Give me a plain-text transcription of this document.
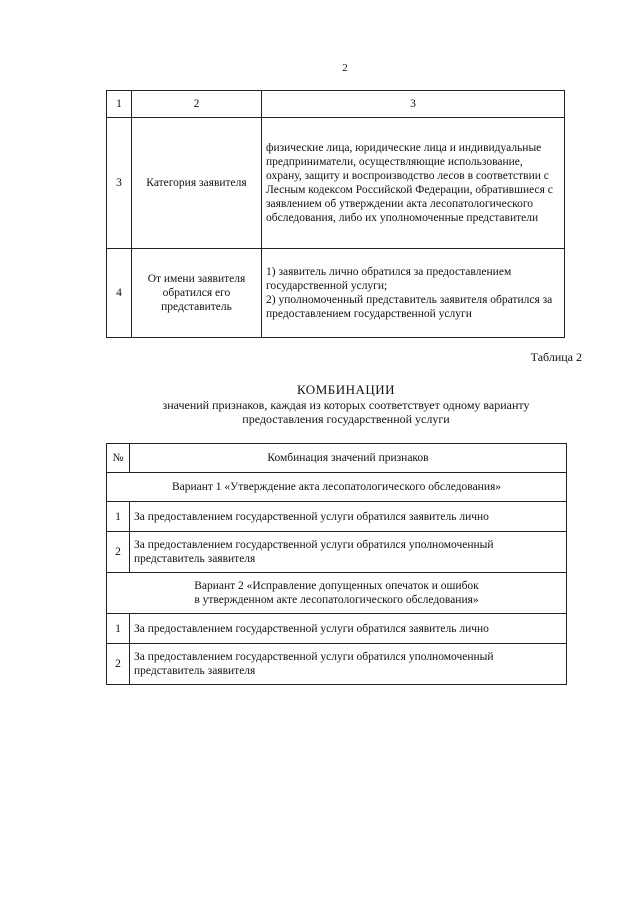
2
1	2	3
3	Категория заявителя	физические лица, юридические лица и индивидуальные предприниматели, осуществляющие использование, охрану, защиту и воспроизводство лесов в соответствии с Лесным кодексом Российской Федерации, обратившиеся с заявлением об утверждении акта лесопатологического обследования, либо их уполномоченные представители
4	От имени заявителя обратился его представитель	1) заявитель лично обратился за предоставлением государственной услуги;
2) уполномоченный представитель заявителя обратился за предоставлением государственной услуги
Таблица 2
КОМБИНАЦИИ
значений признаков, каждая из которых соответствует одному варианту
предоставления государственной услуги
№	Комбинация значений признаков
Вариант 1 «Утверждение акта лесопатологического обследования»	
1	За предоставлением государственной услуги обратился заявитель лично
2	За предоставлением государственной услуги обратился уполномоченный представитель заявителя

Вариант 2 «Исправление допущенных опечаток и ошибок
в утвержденном акте лесопатологического обследования»	

1	За предоставлением государственной услуги обратился заявитель лично
2	За предоставлением государственной услуги обратился уполномоченный представитель заявителя
